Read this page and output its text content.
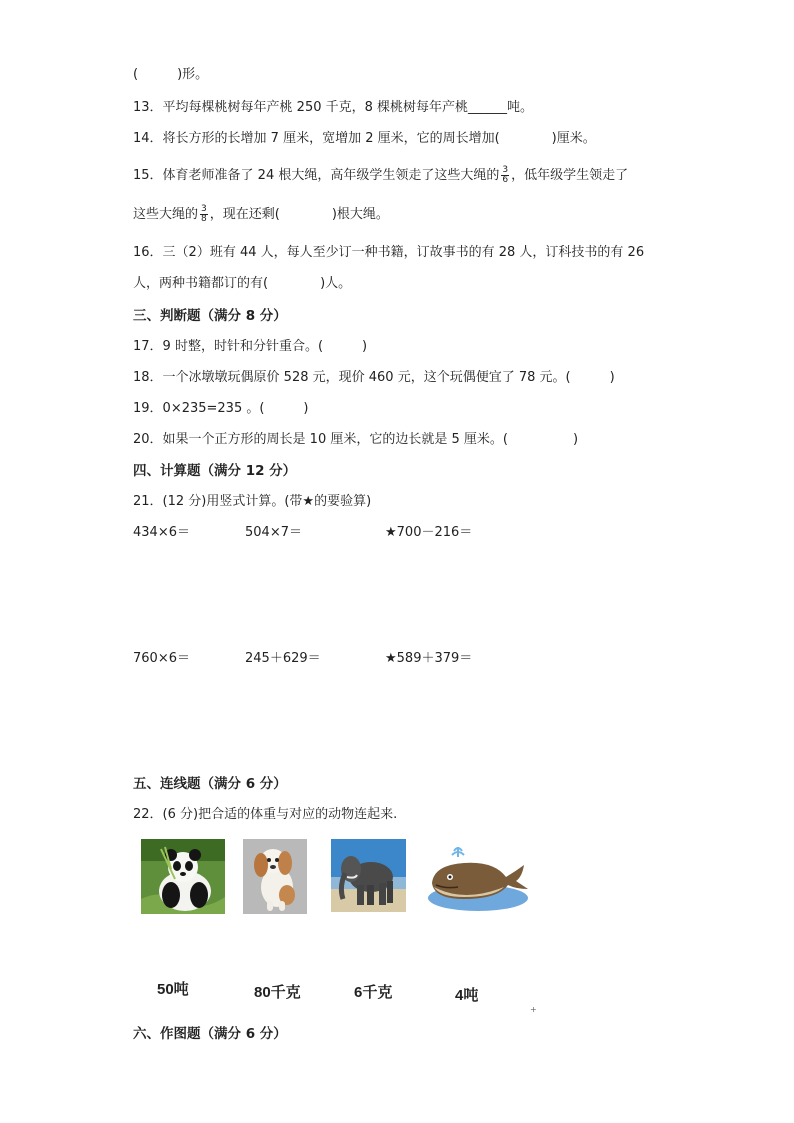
(　　　)形。
13．平均每棵桃树每年产桃 250 千克，8 棵桃树每年产桃______吨。
14．将长方形的长增加 7 厘米，宽增加 2 厘米，它的周长增加(　　　　)厘米。
15．体育老师准备了 24 根大绳，高年级学生领走了这些大绳的 $\frac{3}{6}$ ，低年级学生领走了
这些大绳的 $\frac{3}{8}$ ，现在还剩(　　　　)根大绳。
16．三（2）班有 44 人，每人至少订一种书籍，订故事书的有 28 人，订科技书的有 26
人，两种书籍都订的有(　　　　)人。
三、判断题（满分 8 分）
17．9 时整，时针和分针重合。(　　　)
18．一个冰墩墩玩偶原价 528 元，现价 460 元，这个玩偶便宜了 78 元。(　　　)
19．0×235=235 。(　　　)
20．如果一个正方形的周长是 10 厘米，它的边长就是 5 厘米。(　　　　　)
四、计算题（满分 12 分）
21．(12 分)用竖式计算。(带★的要验算)
434×6＝	504×7＝	★700－216＝
760×6＝	245＋629＝	★589＋379＝
五、连线题（满分 6 分）
22．(6 分)把合适的体重与对应的动物连起来.
50吨	80千克	6千克	4吨
+
六、作图题（满分 6 分）
